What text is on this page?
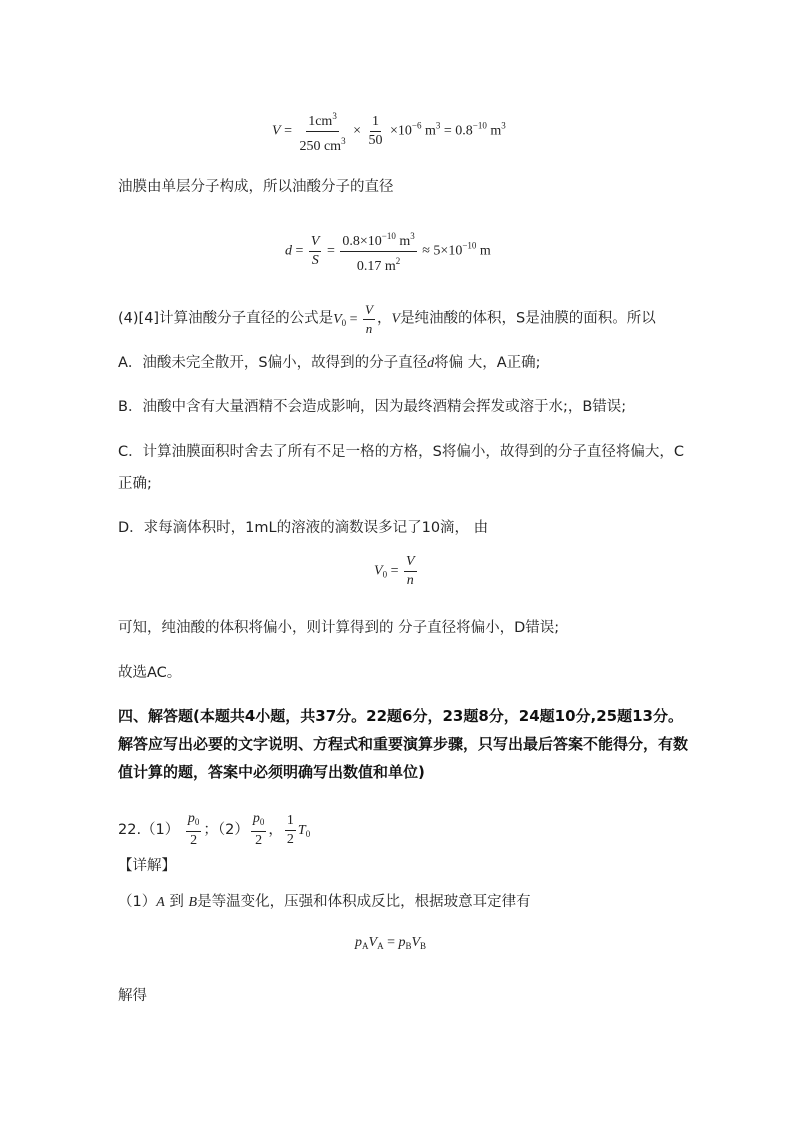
$V = \frac{1cm^3}{250 cm^3} \times \frac{1}{50} \times 10^{-6}$ $m^3 = 0.8^{-10}$ $m^3$
油膜由单层分子构成，所以油酸分子的直径
$d = \frac{V}{S} = \frac{0.8\times 10^{-10} m^3}{0.17 m^2} \approx 5\times 10^{-10}$ m
(4)[4]计算油酸分子直径的公式是$V_0 = \frac{V}{n}$ ，V是纯油酸的体积，S是油膜的面积。所以
A．油酸未完全散开，S偏小，故得到的分子直径d将偏 大，A正确;
B．油酸中含有大量酒精不会造成影响，因为最终酒精会挥发或溶于水;，B错误;
C．计算油膜面积时舍去了所有不足一格的方格，S将偏小，故得到的分子直径将偏大，C
正确;
D．求每滴体积时，1mL的溶液的滴数误多记了10滴， 由
$V_0 = \frac{V}{n}$
可知，纯油酸的体积将偏小，则计算得到的 分子直径将偏小，D错误;
故选AC。
四、解答题(本题共4小题，共37分。22题6分，23题8分，24题10分,25题13分。
解答应写出必要的文字说明、方程式和重要演算步骤，只写出最后答案不能得分，有数
值计算的题，答案中必须明确写出数值和单位)
$22.(1) \frac{p_0}{2}$ ；$(2) \frac{p_0}{2}$ ， $\frac{1}{2} T_0$
【详解】
（1）A 到 B是等温变化，压强和体积成反比，根据玻意耳定律有
$p_AV_A = p_BV_B$
解得
